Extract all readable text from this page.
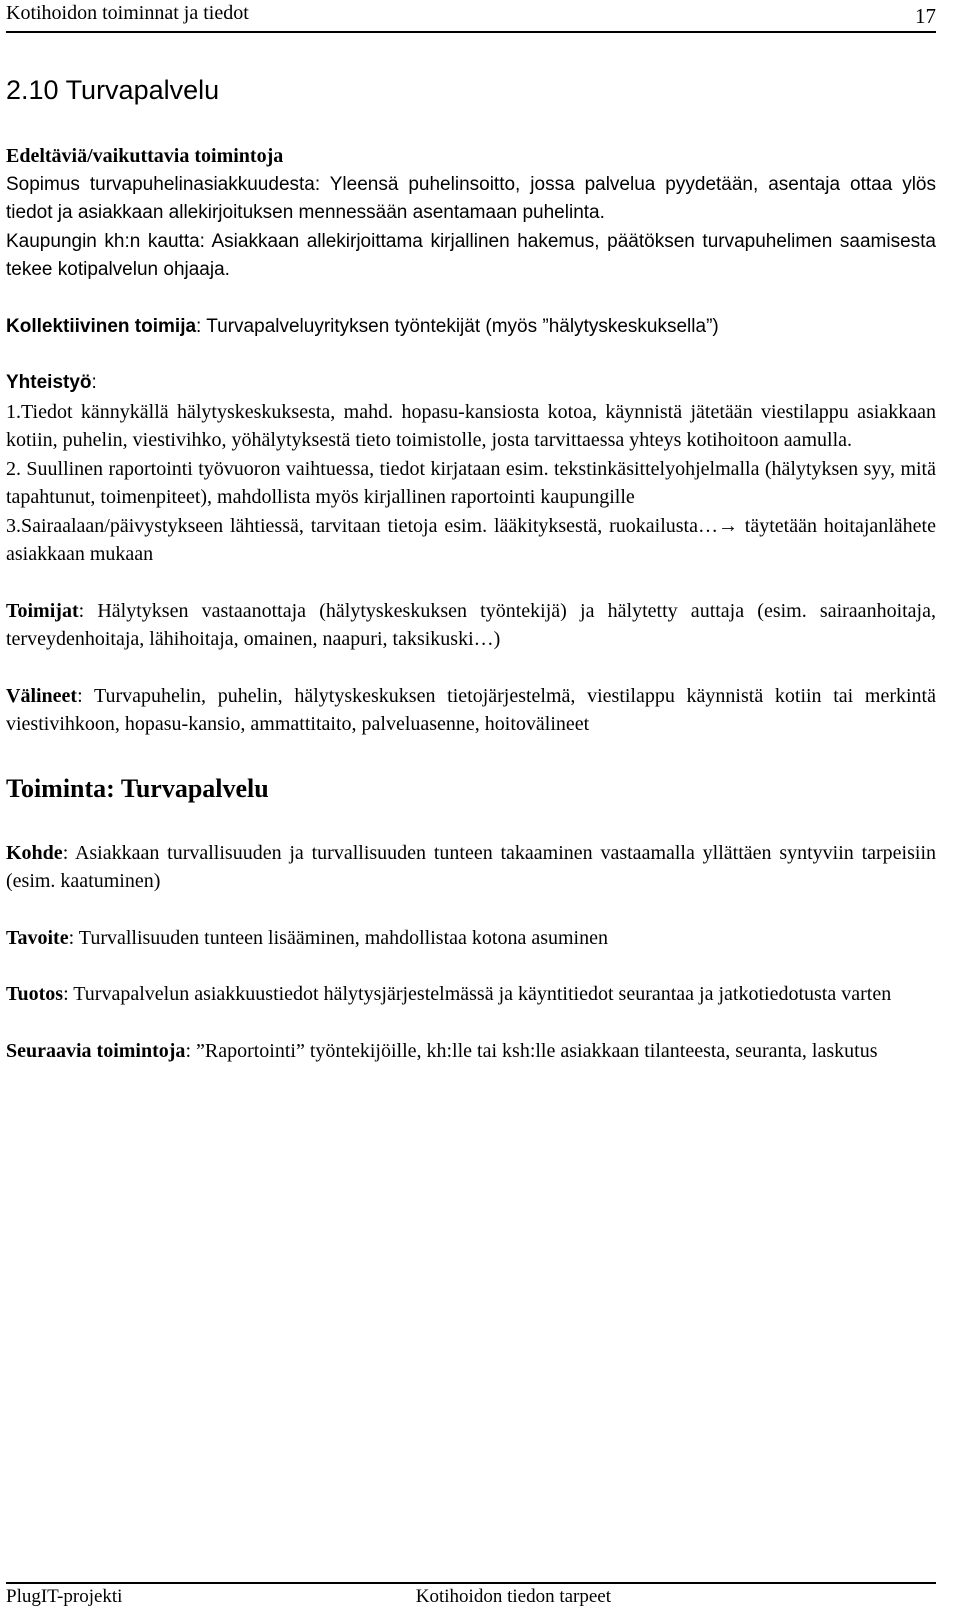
Kotihoidon toiminnat ja tiedot	17
2.10 Turvapalvelu

Edeltäviä/vaikuttavia toimintoja

Sopimus turvapuhelinasiakkuudesta: Yleensä puhelinsoitto, jossa palvelua pyydetään, asentaja ottaa ylös tiedot ja asiakkaan allekirjoituksen mennessään asentamaan puhelinta.

Kaupungin kh:n kautta: Asiakkaan allekirjoittama kirjallinen hakemus, päätöksen turvapuhelimen saamisesta tekee kotipalvelun ohjaaja.

Kollektiivinen toimija: Turvapalveluyrityksen työntekijät (myös ”hälytyskeskuksella”)

Yhteistyö:

1.Tiedot kännykällä hälytyskeskuksesta, mahd. hopasu-kansiosta kotoa, käynnistä jätetään viestilappu asiakkaan kotiin, puhelin, viestivihko, yöhälytyksestä tieto toimistolle, josta tarvittaessa yhteys kotihoitoon aamulla.

2. Suullinen raportointi työvuoron vaihtuessa, tiedot kirjataan esim. tekstinkäsittelyohjelmalla (hälytyksen syy, mitä tapahtunut, toimenpiteet), mahdollista myös kirjallinen raportointi kaupungille

3.Sairaalaan/päivystykseen lähtiessä, tarvitaan tietoja esim. lääkityksestä, ruokailusta…→ täytetään hoitajanlähete asiakkaan mukaan

Toimijat: Hälytyksen vastaanottaja (hälytyskeskuksen työntekijä) ja hälytetty auttaja (esim. sairaanhoitaja, terveydenhoitaja, lähihoitaja, omainen, naapuri, taksikuski…)

Välineet: Turvapuhelin, puhelin, hälytyskeskuksen tietojärjestelmä, viestilappu käynnistä kotiin tai merkintä viestivihkoon, hopasu-kansio, ammattitaito, palveluasenne, hoitovälineet

Toiminta: Turvapalvelu

Kohde: Asiakkaan turvallisuuden ja turvallisuuden tunteen takaaminen vastaamalla yllättäen syntyviin tarpeisiin (esim. kaatuminen)

Tavoite: Turvallisuuden tunteen lisääminen, mahdollistaa kotona asuminen

Tuotos: Turvapalvelun asiakkuustiedot hälytysjärjestelmässä ja käyntitiedot seurantaa ja jatkotiedotusta varten

Seuraavia toimintoja: ”Raportointi” työntekijöille, kh:lle tai ksh:lle asiakkaan tilanteesta, seuranta, laskutus

PlugIT-projekti	Kotihoidon tiedon tarpeet
